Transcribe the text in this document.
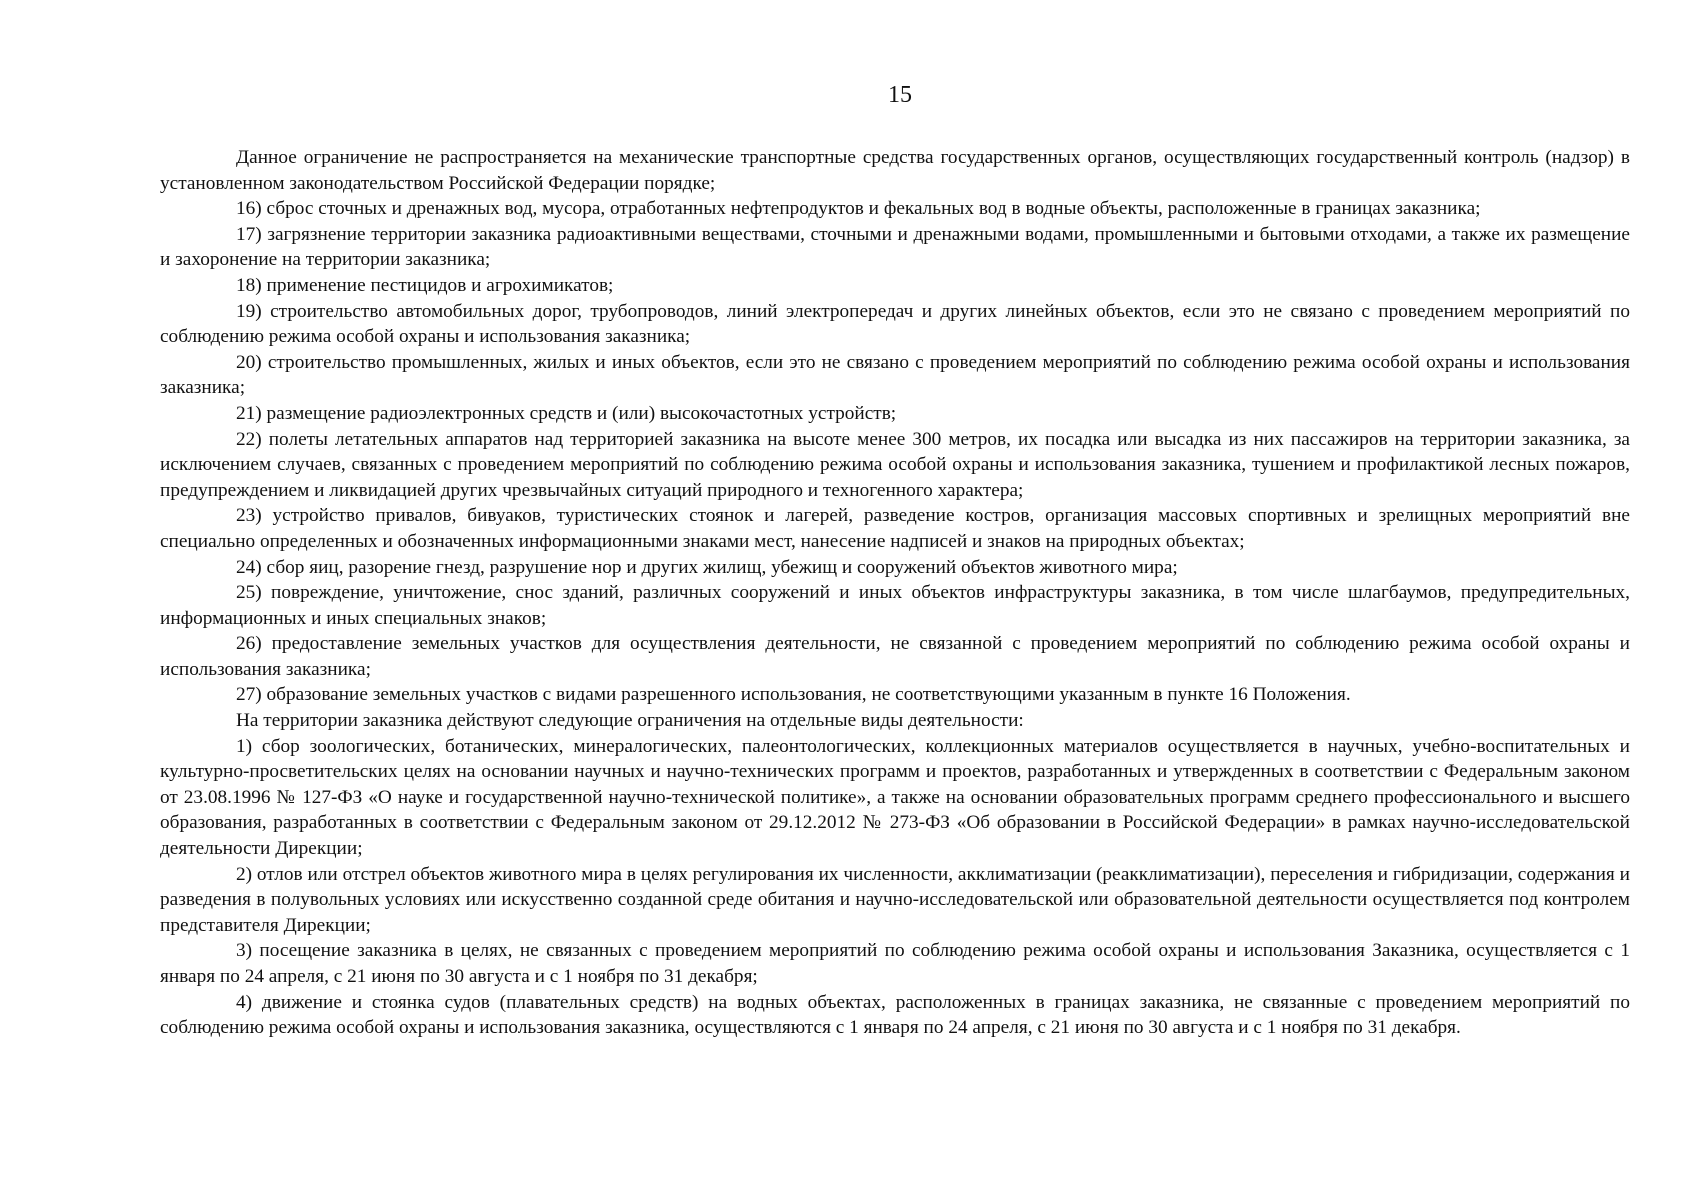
15

Данное ограничение не распространяется на механические транспортные средства государственных органов, осуществляющих государственный контроль (надзор) в установленном законодательством Российской Федерации порядке;

16) сброс сточных и дренажных вод, мусора, отработанных нефтепродуктов и фекальных вод в водные объекты, расположенные в границах заказника;

17) загрязнение территории заказника радиоактивными веществами, сточными и дренажными водами, промышленными и бытовыми отходами, а также их размещение и захоронение на территории заказника;

18) применение пестицидов и агрохимикатов;

19) строительство автомобильных дорог, трубопроводов, линий электропередач и других линейных объектов, если это не связано с проведением мероприятий по соблюдению режима особой охраны и использования заказника;

20) строительство промышленных, жилых и иных объектов, если это не связано с проведением мероприятий по соблюдению режима особой охраны и использования заказника;

21) размещение радиоэлектронных средств и (или) высокочастотных устройств;

22) полеты летательных аппаратов над территорией заказника на высоте менее 300 метров, их посадка или высадка из них пассажиров на территории заказника, за исключением случаев, связанных с проведением мероприятий по соблюдению режима особой охраны и использования заказника, тушением и профилактикой лесных пожаров, предупреждением и ликвидацией других чрезвычайных ситуаций природного и техногенного характера;

23) устройство привалов, бивуаков, туристических стоянок и лагерей, разведение костров, организация массовых спортивных и зрелищных мероприятий вне специально определенных и обозначенных информационными знаками мест, нанесение надписей и знаков на природных объектах;

24) сбор яиц, разорение гнезд, разрушение нор и других жилищ, убежищ и сооружений объектов животного мира;

25) повреждение, уничтожение, снос зданий, различных сооружений и иных объектов инфраструктуры заказника, в том числе шлагбаумов, предупредительных, информационных и иных специальных знаков;

26) предоставление земельных участков для осуществления деятельности, не связанной с проведением мероприятий по соблюдению режима особой охраны и использования заказника;

27) образование земельных участков с видами разрешенного использования, не соответствующими указанным в пункте 16 Положения.

На территории заказника действуют следующие ограничения на отдельные виды деятельности:

1) сбор зоологических, ботанических, минералогических, палеонтологических, коллекционных материалов осуществляется в научных, учебно-воспитательных и культурно-просветительских целях на основании научных и научно-технических программ и проектов, разработанных и утвержденных в соответствии с Федеральным законом от 23.08.1996 № 127-ФЗ «О науке и государственной научно-технической политике», а также на основании образовательных программ среднего профессионального и высшего образования, разработанных в соответствии с Федеральным законом от 29.12.2012 № 273-ФЗ «Об образовании в Российской Федерации» в рамках научно-исследовательской деятельности Дирекции;

2) отлов или отстрел объектов животного мира в целях регулирования их численности, акклиматизации (реакклиматизации), переселения и гибридизации, содержания и разведения в полувольных условиях или искусственно созданной среде обитания и научно-исследовательской или образовательной деятельности осуществляется под контролем представителя Дирекции;

3) посещение заказника в целях, не связанных с проведением мероприятий по соблюдению режима особой охраны и использования Заказника, осуществляется с 1 января по 24 апреля, с 21 июня по 30 августа и с 1 ноября по 31 декабря;

4) движение и стоянка судов (плавательных средств) на водных объектах, расположенных в границах заказника, не связанные с проведением мероприятий по соблюдению режима особой охраны и использования заказника, осуществляются с 1 января по 24 апреля, с 21 июня по 30 августа и с 1 ноября по 31 декабря.
